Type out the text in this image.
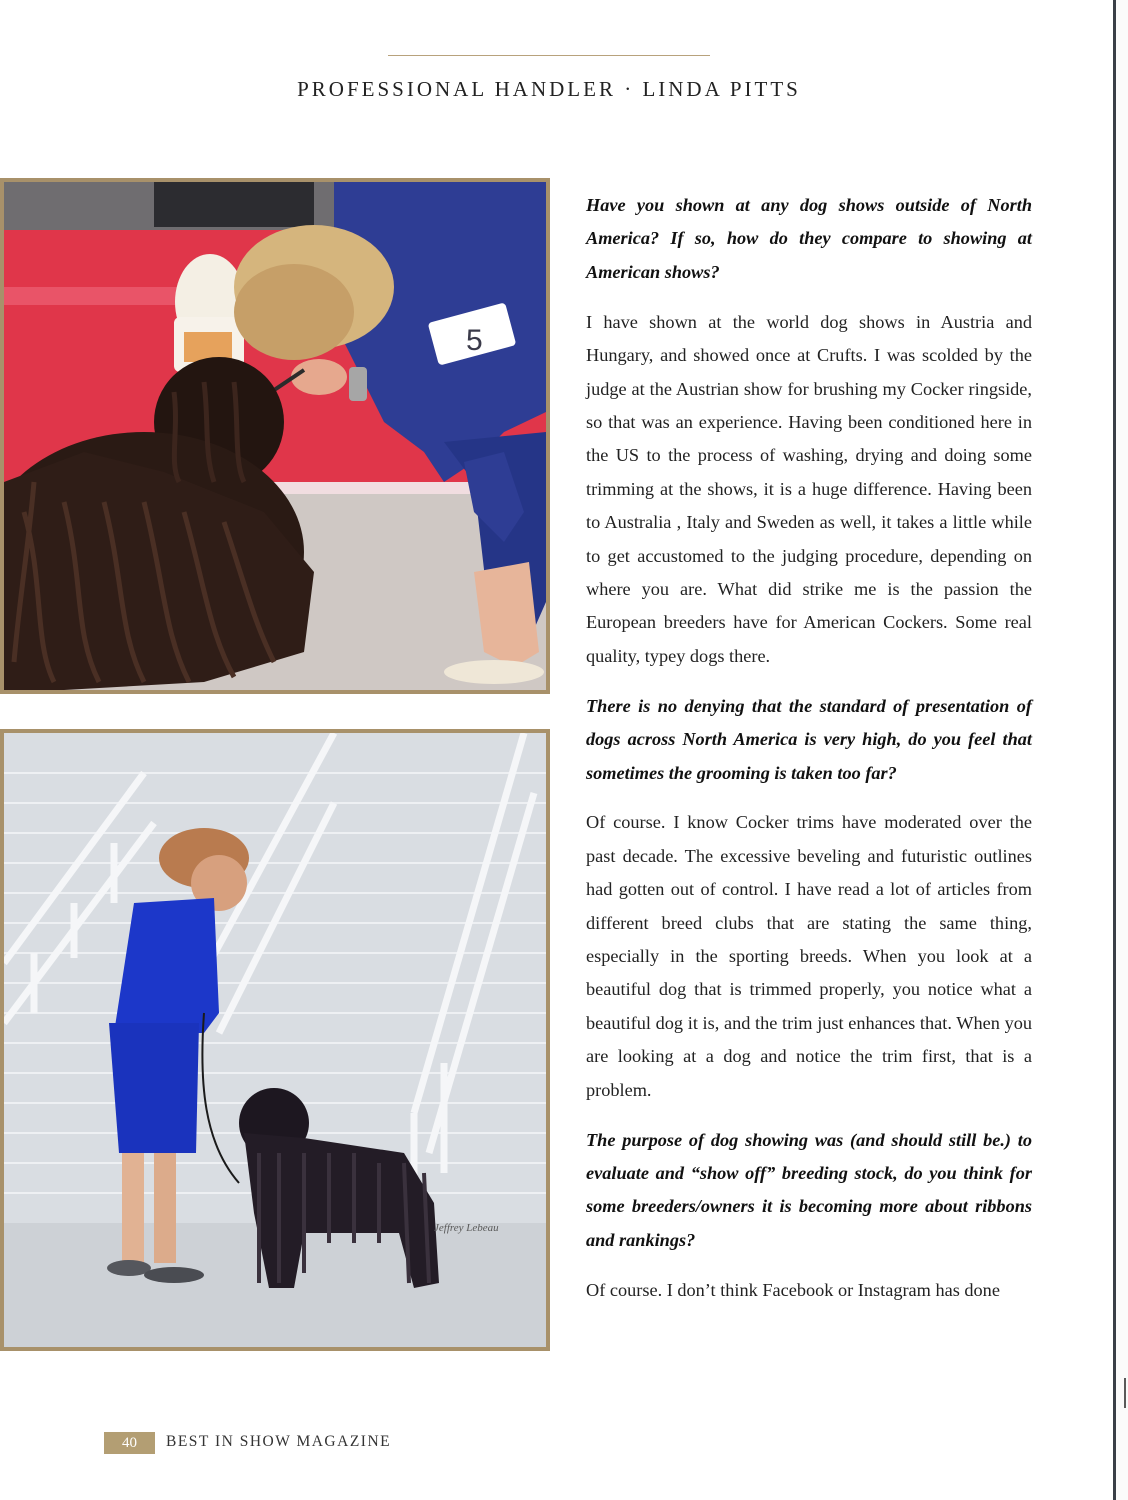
PROFESSIONAL HANDLER · LINDA PITTS
5
Jeffrey Lebeau

Have you shown at any dog shows outside of North America? If so, how do they compare to showing at American shows?

I have shown at the world dog shows in Austria and Hungary, and showed once at Crufts. I was scolded by the judge at the Austrian show for brushing my Cocker ringside, so that was an experience. Having been conditioned here in the US to the process of washing, drying and doing some trimming at the shows, it is a huge difference. Having been to Australia , Italy and Sweden as well, it takes a little while to get accustomed to the judging procedure, depending on where you are. What did strike me is the passion the European breeders have for American Cockers. Some real quality, typey dogs there.

There is no denying that the standard of presentation of dogs across North America is very high, do you feel that sometimes the grooming is taken too far?

Of course. I know Cocker trims have moderated over the past decade. The excessive beveling and futuristic outlines had gotten out of control. I have read a lot of articles from different breed clubs that are stating the same thing, especially in the sporting breeds. When you look at a beautiful dog that is trimmed properly, you notice what a beautiful dog it is, and the trim just enhances that. When you are looking at a dog and notice the trim first, that is a problem.

The purpose of dog showing was (and should still be.) to evaluate and “show off” breeding stock, do you think for some breeders/owners it is becoming more about ribbons and rankings?

Of course. I don’t think Facebook or Instagram has done

40	BEST IN SHOW MAGAZINE
